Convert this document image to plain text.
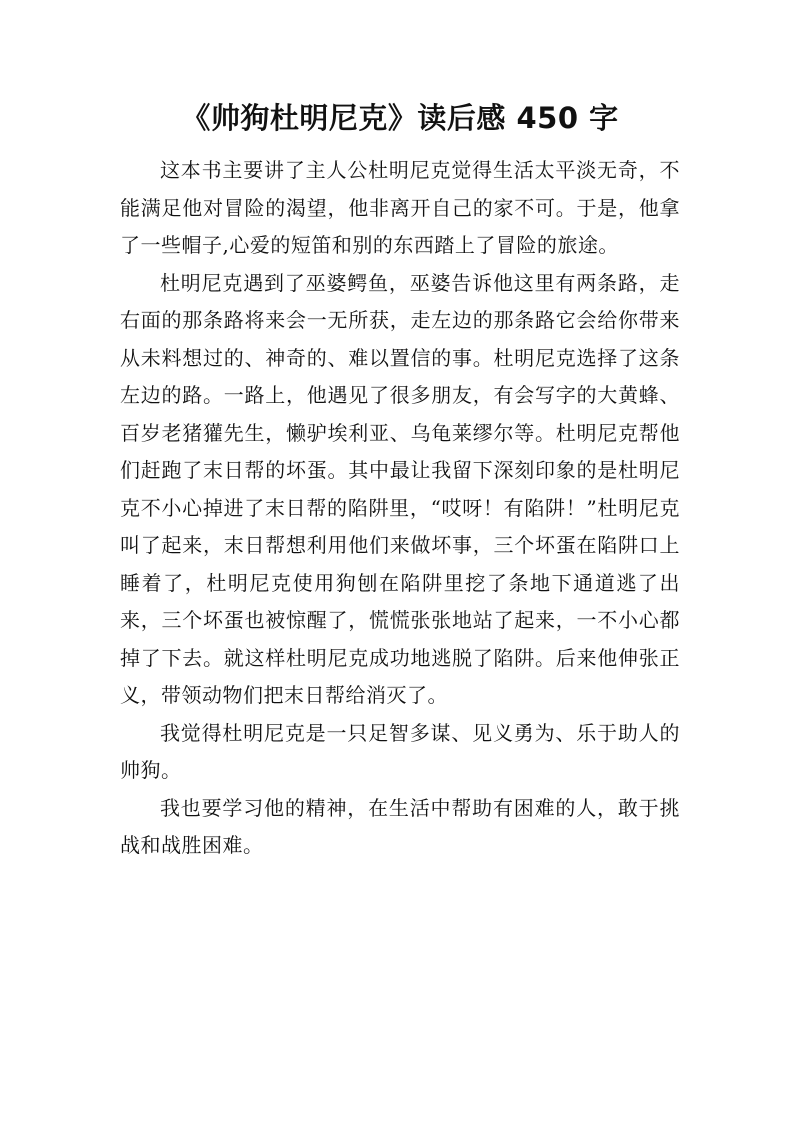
《帅狗杜明尼克》读后感 450 字

这本书主要讲了主人公杜明尼克觉得生活太平淡无奇，不能满足他对冒险的渴望，他非离开自己的家不可。于是，他拿了一些帽子,心爱的短笛和别的东西踏上了冒险的旅途。

杜明尼克遇到了巫婆鳄鱼，巫婆告诉他这里有两条路，走右面的那条路将来会一无所获，走左边的那条路它会给你带来从未料想过的、神奇的、难以置信的事。杜明尼克选择了这条左边的路。一路上，他遇见了很多朋友，有会写字的大黄蜂、百岁老猪獾先生，懒驴埃利亚、乌龟莱缪尔等。杜明尼克帮他们赶跑了末日帮的坏蛋。其中最让我留下深刻印象的是杜明尼克不小心掉进了末日帮的陷阱里，“哎呀！有陷阱！”杜明尼克叫了起来，末日帮想利用他们来做坏事，三个坏蛋在陷阱口上睡着了，杜明尼克使用狗刨在陷阱里挖了条地下通道逃了出来，三个坏蛋也被惊醒了，慌慌张张地站了起来，一不小心都掉了下去。就这样杜明尼克成功地逃脱了陷阱。后来他伸张正义，带领动物们把末日帮给消灭了。

我觉得杜明尼克是一只足智多谋、见义勇为、乐于助人的帅狗。

我也要学习他的精神，在生活中帮助有困难的人，敢于挑战和战胜困难。
